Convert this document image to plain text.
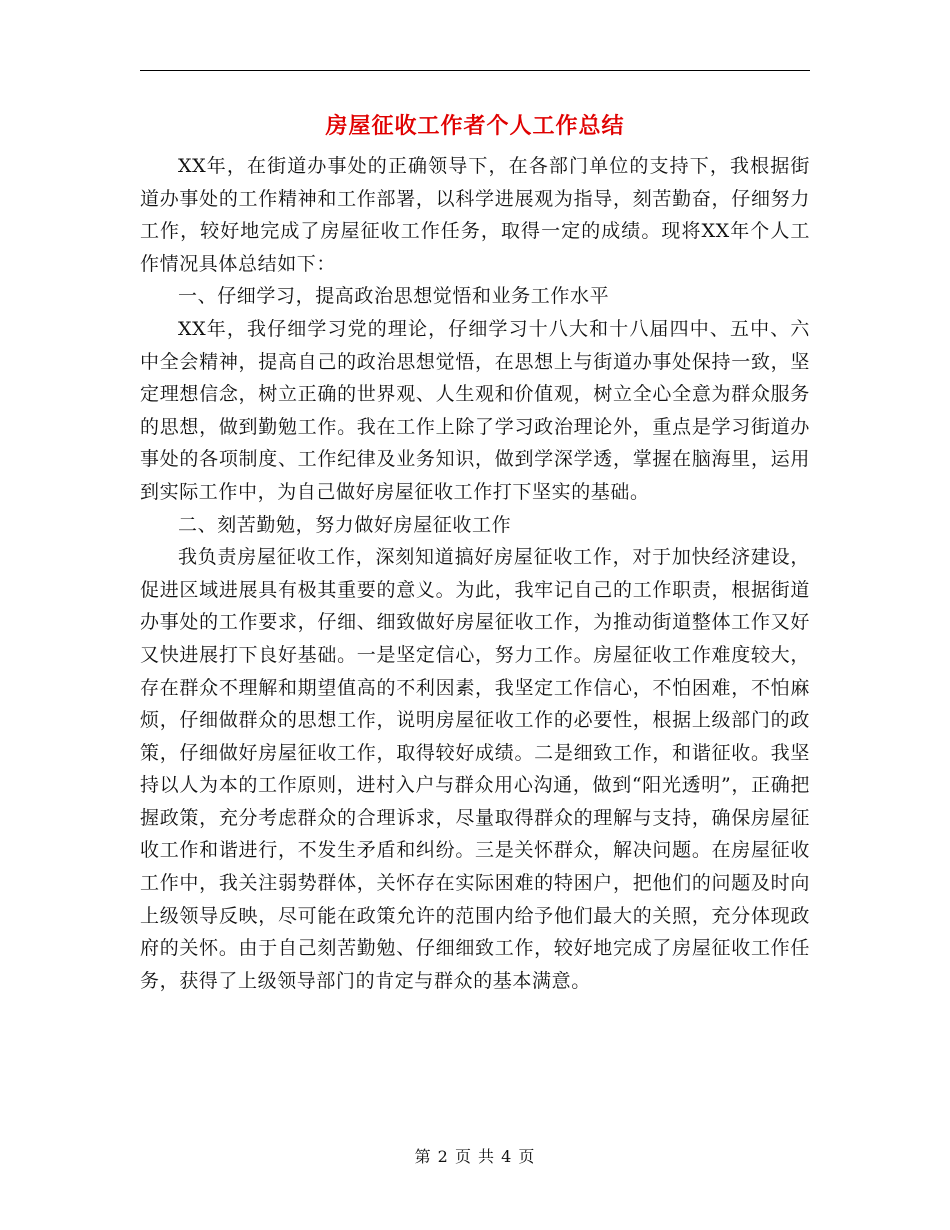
房屋征收工作者个人工作总结

XX年，在街道办事处的正确领导下，在各部门单位的支持下，我根据街道办事处的工作精神和工作部署，以科学进展观为指导，刻苦勤奋，仔细努力工作，较好地完成了房屋征收工作任务，取得一定的成绩。现将XX年个人工作情况具体总结如下：

一、仔细学习，提高政治思想觉悟和业务工作水平

XX年，我仔细学习党的理论，仔细学习十八大和十八届四中、五中、六中全会精神，提高自己的政治思想觉悟，在思想上与街道办事处保持一致，坚定理想信念，树立正确的世界观、人生观和价值观，树立全心全意为群众服务的思想，做到勤勉工作。我在工作上除了学习政治理论外，重点是学习街道办事处的各项制度、工作纪律及业务知识，做到学深学透，掌握在脑海里，运用到实际工作中，为自己做好房屋征收工作打下坚实的基础。

二、刻苦勤勉，努力做好房屋征收工作

我负责房屋征收工作，深刻知道搞好房屋征收工作，对于加快经济建设，促进区域进展具有极其重要的意义。为此，我牢记自己的工作职责，根据街道办事处的工作要求，仔细、细致做好房屋征收工作，为推动街道整体工作又好又快进展打下良好基础。一是坚定信心，努力工作。房屋征收工作难度较大，存在群众不理解和期望值高的不利因素，我坚定工作信心，不怕困难，不怕麻烦，仔细做群众的思想工作，说明房屋征收工作的必要性，根据上级部门的政策，仔细做好房屋征收工作，取得较好成绩。二是细致工作，和谐征收。我坚持以人为本的工作原则，进村入户与群众用心沟通，做到“阳光透明”，正确把握政策，充分考虑群众的合理诉求，尽量取得群众的理解与支持，确保房屋征收工作和谐进行，不发生矛盾和纠纷。三是关怀群众，解决问题。在房屋征收工作中，我关注弱势群体，关怀存在实际困难的特困户，把他们的问题及时向上级领导反映，尽可能在政策允许的范围内给予他们最大的关照，充分体现政府的关怀。由于自己刻苦勤勉、仔细细致工作，较好地完成了房屋征收工作任务，获得了上级领导部门的肯定与群众的基本满意。

第 2 页 共 4 页
